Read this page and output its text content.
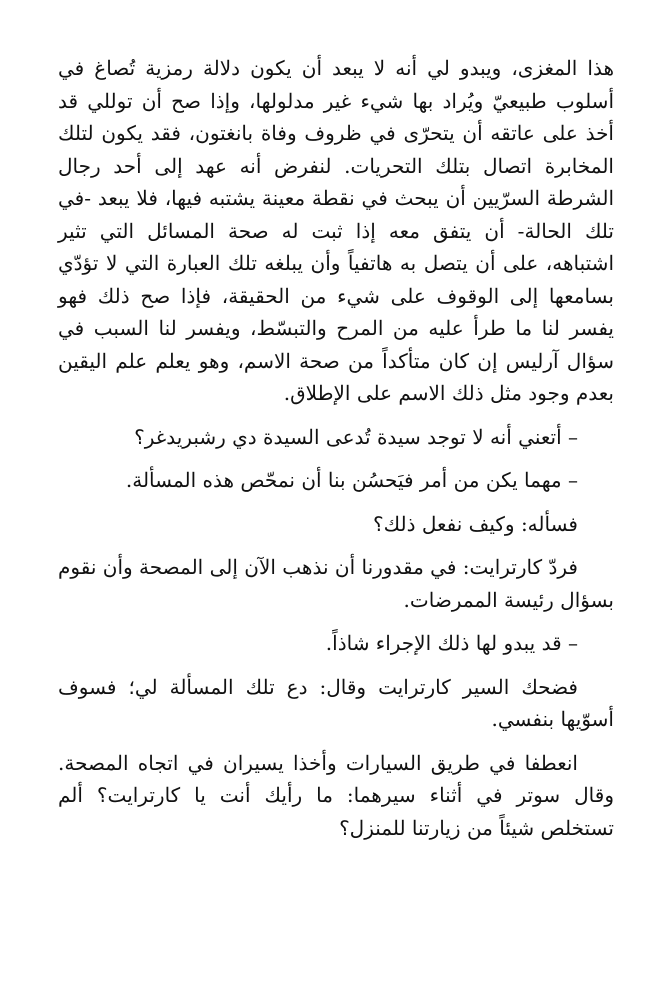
هذا المغزى، ويبدو لي أنه لا يبعد أن يكون دلالة رمزية تُصاغ في أسلوب طبيعيّ ويُراد بها شيء غير مدلولها، وإذا صح أن توللي قد أخذ على عاتقه أن يتحرّى في ظروف وفاة بانغتون، فقد يكون لتلك المخابرة اتصال بتلك التحريات. لنفرض أنه عهد إلى أحد رجال الشرطة السرّيين أن يبحث في نقطة معينة يشتبه فيها، فلا يبعد -في تلك الحالة- أن يتفق معه إذا ثبت له صحة المسائل التي تثير اشتباهه، على أن يتصل به هاتفياً وأن يبلغه تلك العبارة التي لا تؤدّي بسامعها إلى الوقوف على شيء من الحقيقة، فإذا صح ذلك فهو يفسر لنا ما طرأ عليه من المرح والتبسّط، ويفسر لنا السبب في سؤال آرليس إن كان متأكداً من صحة الاسم، وهو يعلم علم اليقين بعدم وجود مثل ذلك الاسم على الإطلاق.

– أتعني أنه لا توجد سيدة تُدعى السيدة دي رشبريدغر؟

– مهما يكن من أمر فيَحسُن بنا أن نمحّص هذه المسألة.

فسأله: وكيف نفعل ذلك؟

فردّ كارترايت: في مقدورنا أن نذهب الآن إلى المصحة وأن نقوم بسؤال رئيسة الممرضات.

– قد يبدو لها ذلك الإجراء شاذاً.

فضحك السير كارترايت وقال: دع تلك المسألة لي؛ فسوف أسوّيها بنفسي.

انعطفا في طريق السيارات وأخذا يسيران في اتجاه المصحة. وقال سوتر في أثناء سيرهما: ما رأيك أنت يا كارترايت؟ ألم تستخلص شيئاً من زيارتنا للمنزل؟
